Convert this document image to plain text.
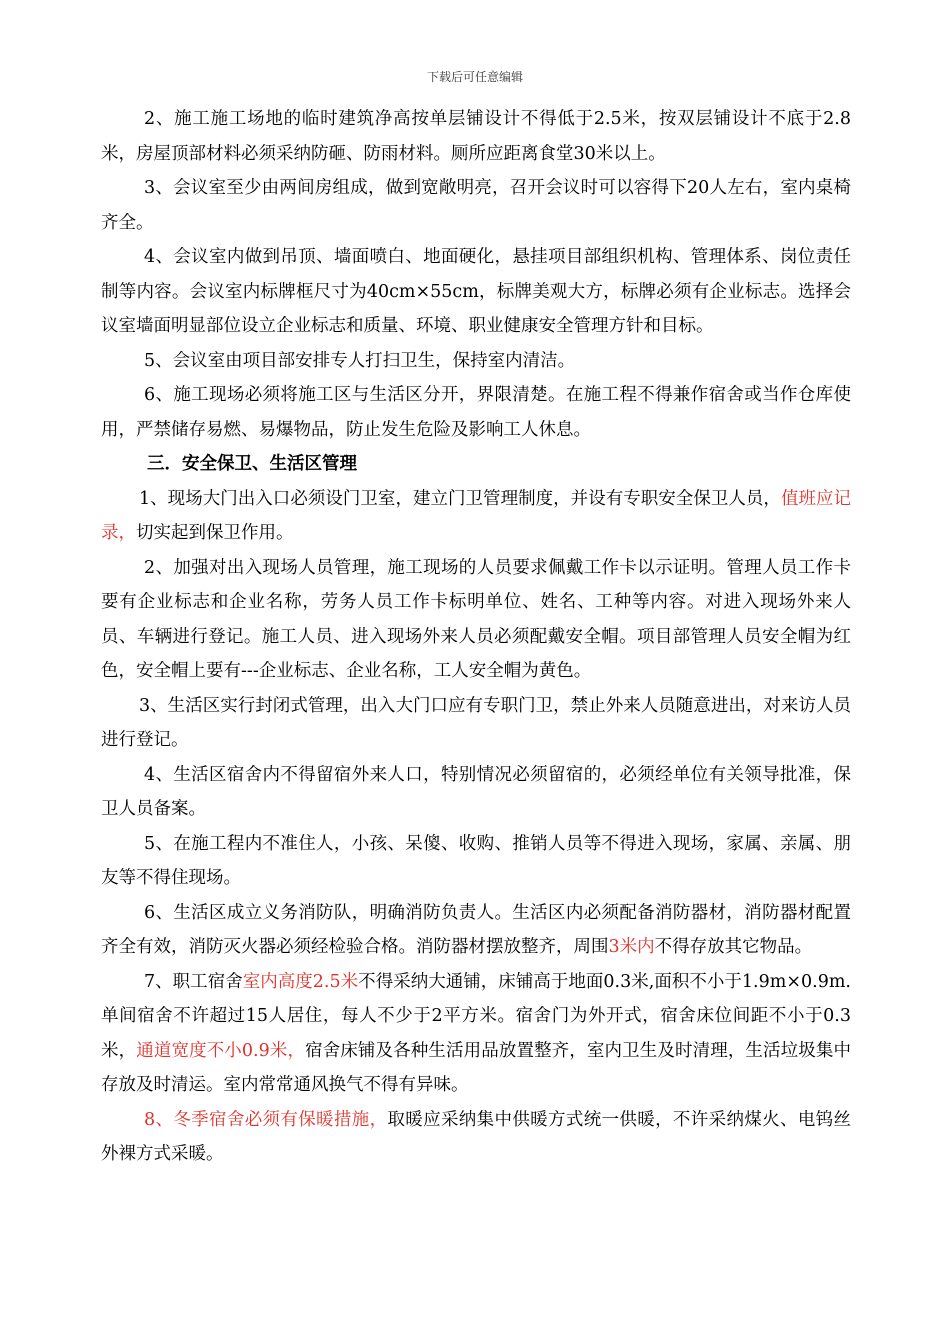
下载后可任意编辑

2、施工施工场地的临时建筑净高按单层铺设计不得低于2.5米，按双层铺设计不底于2.8米，房屋顶部材料必须采纳防砸、防雨材料。厕所应距离食堂30米以上。

3、会议室至少由两间房组成，做到宽敞明亮，召开会议时可以容得下20人左右，室内桌椅齐全。

4、会议室内做到吊顶、墙面喷白、地面硬化，悬挂项目部组织机构、管理体系、岗位责任制等内容。会议室内标牌框尺寸为40cm×55cm，标牌美观大方，标牌必须有企业标志。选择会议室墙面明显部位设立企业标志和质量、环境、职业健康安全管理方针和目标。

5、会议室由项目部安排专人打扫卫生，保持室内清洁。

6、施工现场必须将施工区与生活区分开，界限清楚。在施工程不得兼作宿舍或当作仓库使用，严禁储存易燃、易爆物品，防止发生危险及影响工人休息。

三．安全保卫、生活区管理

1、现场大门出入口必须设门卫室，建立门卫管理制度，并设有专职安全保卫人员，值班应记录，切实起到保卫作用。

2、加强对出入现场人员管理，施工现场的人员要求佩戴工作卡以示证明。管理人员工作卡要有企业标志和企业名称，劳务人员工作卡标明单位、姓名、工种等内容。对进入现场外来人员、车辆进行登记。施工人员、进入现场外来人员必须配戴安全帽。项目部管理人员安全帽为红色，安全帽上要有---企业标志、企业名称，工人安全帽为黄色。

3、生活区实行封闭式管理，出入大门口应有专职门卫，禁止外来人员随意进出，对来访人员进行登记。

4、生活区宿舍内不得留宿外来人口，特别情况必须留宿的，必须经单位有关领导批准，保卫人员备案。

5、在施工程内不准住人，小孩、呆傻、收购、推销人员等不得进入现场，家属、亲属、朋友等不得住现场。

6、生活区成立义务消防队，明确消防负责人。生活区内必须配备消防器材，消防器材配置齐全有效，消防灭火器必须经检验合格。消防器材摆放整齐，周围3米内不得存放其它物品。

7、职工宿舍室内高度2.5米不得采纳大通铺，床铺高于地面0.3米,面积不小于1.9m×0.9m.单间宿舍不许超过15人居住，每人不少于2平方米。宿舍门为外开式，宿舍床位间距不小于0.3米，通道宽度不小0.9米，宿舍床铺及各种生活用品放置整齐，室内卫生及时清理，生活垃圾集中存放及时清运。室内常常通风换气不得有异味。

8、冬季宿舍必须有保暖措施，取暖应采纳集中供暖方式统一供暖，不许采纳煤火、电钨丝外裸方式采暖。
